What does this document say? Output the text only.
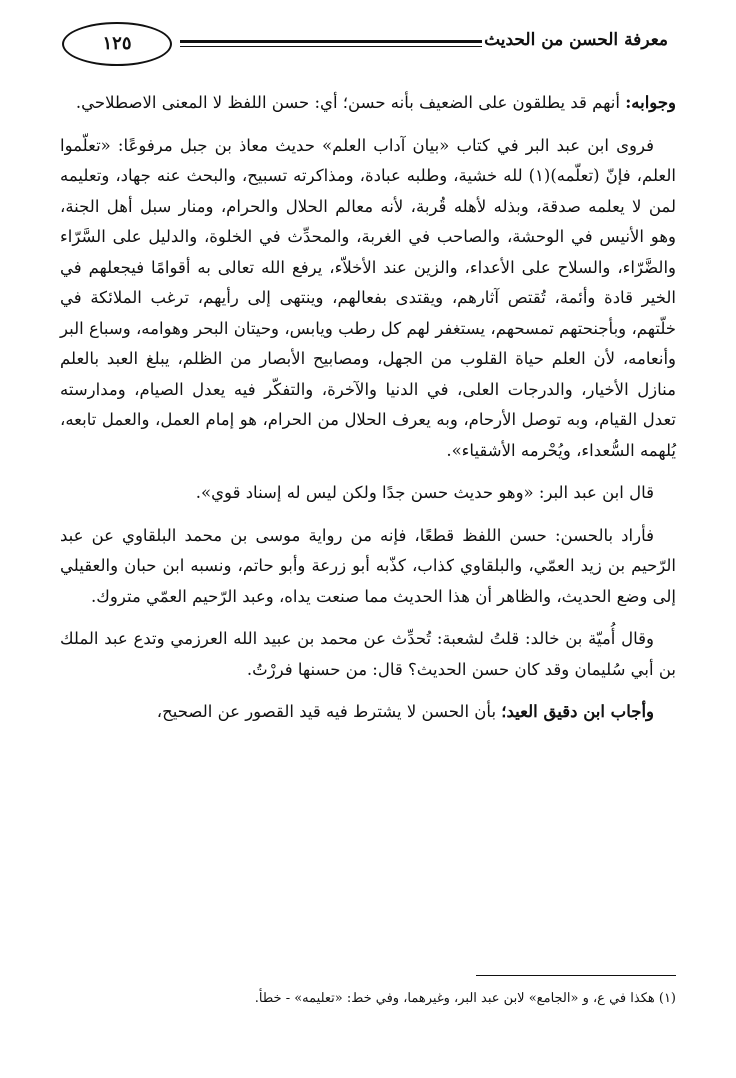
معرفة الحسن من الحديث
١٢٥

وجوابه: أنهم قد يطلقون على الضعيف بأنه حسن؛ أي: حسن اللفظ لا المعنى الاصطلاحي.

فروى ابن عبد البر في كتاب «بيان آداب العلم» حديث معاذ بن جبل مرفوعًا: «تعلّموا العلم، فإنّ (تعلّمه)(١) لله خشية، وطلبه عبادة، ومذاكرته تسبيح، والبحث عنه جهاد، وتعليمه لمن لا يعلمه صدقة، وبذله لأهله قُربة، لأنه معالم الحلال والحرام، ومنار سبل أهل الجنة، وهو الأنيس في الوحشة، والصاحب في الغربة، والمحدِّث في الخلوة، والدليل على السَّرّاء والضَّرّاء، والسلاح على الأعداء، والزين عند الأخلاّء، يرفع الله تعالى به أقوامًا فيجعلهم في الخير قادة وأئمة، تُقتص آثارهم، ويقتدى بفعالهم، وينتهى إلى رأيهم، ترغب الملائكة في خلّتهم، وبأجنحتهم تمسحهم، يستغفر لهم كل رطب ويابس، وحيتان البحر وهوامه، وسباع البر وأنعامه، لأن العلم حياة القلوب من الجهل، ومصابيح الأبصار من الظلم، يبلغ العبد بالعلم منازل الأخيار، والدرجات العلى، في الدنيا والآخرة، والتفكّر فيه يعدل الصيام، ومدارسته تعدل القيام، وبه توصل الأرحام، وبه يعرف الحلال من الحرام، هو إمام العمل، والعمل تابعه، يُلهمه السُّعداء، ويُحْرمه الأشقياء».

قال ابن عبد البر: «وهو حديث حسن جدًا ولكن ليس له إسناد قوي».

فأراد بالحسن: حسن اللفظ قطعًا، فإنه من رواية موسى بن محمد البلقاوي عن عبد الرّحيم بن زيد العمّي، والبلقاوي كذاب، كذّبه أبو زرعة وأبو حاتم، ونسبه ابن حبان والعقيلي إلى وضع الحديث، والظاهر أن هذا الحديث مما صنعت يداه، وعبد الرّحيم العمّي متروك.

وقال أُميّة بن خالد: قلتُ لشعبة: تُحدِّث عن محمد بن عبيد الله العرزمي وتدع عبد الملك بن أبي سُليمان وقد كان حسن الحديث؟ قال: من حسنها فررْتُ.

وأجاب ابن دقيق العيد؛ بأن الحسن لا يشترط فيه قيد القصور عن الصحيح،

(١) هكذا في ع، و «الجامع» لابن عبد البر، وغيرهما، وفي خط: «تعليمه» - خطأ.
